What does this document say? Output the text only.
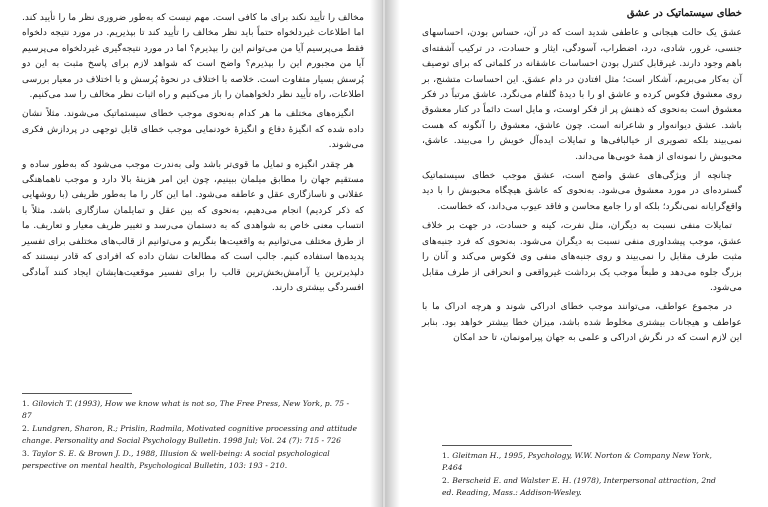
مخالف را تأیید نکند برای ما کافی است. مهم نیست که به‌طور ضروری نظر ما را تأیید کند. اما اطلاعات غیردلخواه حتماً باید نظر مخالف را تأیید کند تا بپذیریم. در مورد نتیجه دلخواه فقط می‌پرسیم آیا من می‌توانم این را بپذیرم؟ اما در مورد نتیجه‌گیری غیردلخواه می‌پرسیم آیا من مجبورم این را بپذیرم؟ واضح است که شواهد لازم برای پاسخ مثبت به این دو پُرسش بسیار متفاوت است. خلاصه با اختلاف در نحوهٔ پُرسش و با اختلاف در معیار بررسی اطلاعات، راه تأیید نظر دلخواهمان را باز می‌کنیم و راه اثبات نظر مخالف را سد می‌کنیم.

انگیزه‌های مختلف ما هر کدام به‌نحوی موجب خطای سیستماتیک می‌شوند. مثلاً نشان داده شده که انگیزهٔ دفاع و انگیزهٔ خودنمایی موجب خطای قابل توجهی در پردازش فکری می‌شوند.

هر چقدر انگیزه و تمایل ما قوی‌تر باشد ولی به‌ندرت موجب می‌شود که به‌طور ساده و مستقیم جهان را مطابق میلمان ببینیم، چون این امر هزینهٔ بالا دارد و موجب ناهماهنگی عقلانی و ناسازگاری عقل و عاطفه می‌شود. اما این کار را ما به‌طور ظریفی (با روشهایی که ذکر کردیم) انجام می‌دهیم، به‌نحوی که بین عقل و تمایلمان سازگاری باشد. مثلاً با انتساب معنی خاص به شواهدی که به دستمان می‌رسد و تغییر ظریف معیار و تعاریف. ما از طرق مختلف می‌توانیم به واقعیت‌ها بنگریم و می‌توانیم از قالب‌های مختلفی برای تفسیر پدیده‌ها استفاده کنیم. جالب است که مطالعات نشان داده که افرادی که قادر نیستند که دلپذیرترین یا آرامش‌بخش‌ترین قالب را برای تفسیر موقعیت‌هایشان ایجاد کنند آمادگی افسردگی بیشتری دارند.

1. Gilovich T. (1993), How we know what is not so, The Free Press, New York, p. 75 - 87
2. Lundgren, Sharon, R.; Prislin, Radmila, Motivated cognitive processing and attitude change. Personality and Social Psychology Bulletin. 1998 Jul; Vol. 24 (7): 715 - 726
3. Taylor S. E. & Brown J. D., 1988, Illusion & well-being: A social psychological perspective on mental health, Psychological Bulletin, 103: 193 - 210.

خطای سیستماتیک در عشق

عشق یک حالت هیجانی و عاطفی شدید است که در آن، حساس بودن، احساسهای جنسی، غرور، شادی، درد، اضطراب، آسودگی، ایثار و حسادت، در ترکیب آشفته‌ای باهم وجود دارند. غیرقابل کنترل بودن احساسات عاشقانه در کلماتی که برای توصیف آن به‌کار می‌بریم، آشکار است؛ مثل افتادن در دام عشق. این احساسات متشنج، بر روی معشوق فکوس کرده و عاشق او را با دیدهٔ گلفام می‌نگرد. عاشق مرتباً در فکر معشوق است به‌نحوی که ذهنش پر از فکر اوست، و مایل است دائماً در کنار معشوق باشد. عشق دیوانه‌وار و شاعرانه است. چون عاشق، معشوق را آنگونه که هست نمی‌بیند بلکه تصویری از خیالبافی‌ها و تمایلات ایده‌آل خویش را می‌بیند. عاشق، محبوبش را نمونه‌ای از همهٔ خوبی‌ها می‌داند.

چنانچه از ویژگی‌های عشق واضح است، عشق موجب خطای سیستماتیک گسترده‌ای در مورد معشوق می‌شود. به‌نحوی که عاشق هیچگاه محبوبش را با دید واقع‌گرایانه نمی‌نگرد؛ بلکه او را جامع محاسن و فاقد عیوب می‌داند، که خطاست.

تمایلات منفی نسبت به دیگران، مثل نفرت، کینه و حسادت، در جهت بر خلاف عشق، موجب پیشداوری منفی نسبت به دیگران می‌شود. به‌نحوی که فرد جنبه‌های مثبت طرف مقابل را نمی‌بیند و روی جنبه‌های منفی وی فکوس می‌کند و آنان را بزرگ جلوه می‌دهد و طبعاً موجب یک برداشت غیرواقعی و انحرافی از طرف مقابل می‌شود.

در مجموع عواطف، می‌توانند موجب خطای ادراکی شوند و هرچه ادراک ما با عواطف و هیجانات بیشتری مخلوط شده باشد، میزان خطا بیشتر خواهد بود. بنابر این لازم است که در نگرش ادراکی و علمی به جهان پیرامونمان، تا حد امکان

1. Gleitman H., 1995, Psychology, W.W. Norton & Company New York, P.464
2. Berscheid E. and Walster E. H. (1978), Interpersonal attraction, 2nd ed. Reading, Mass.: Addison-Wesley.
